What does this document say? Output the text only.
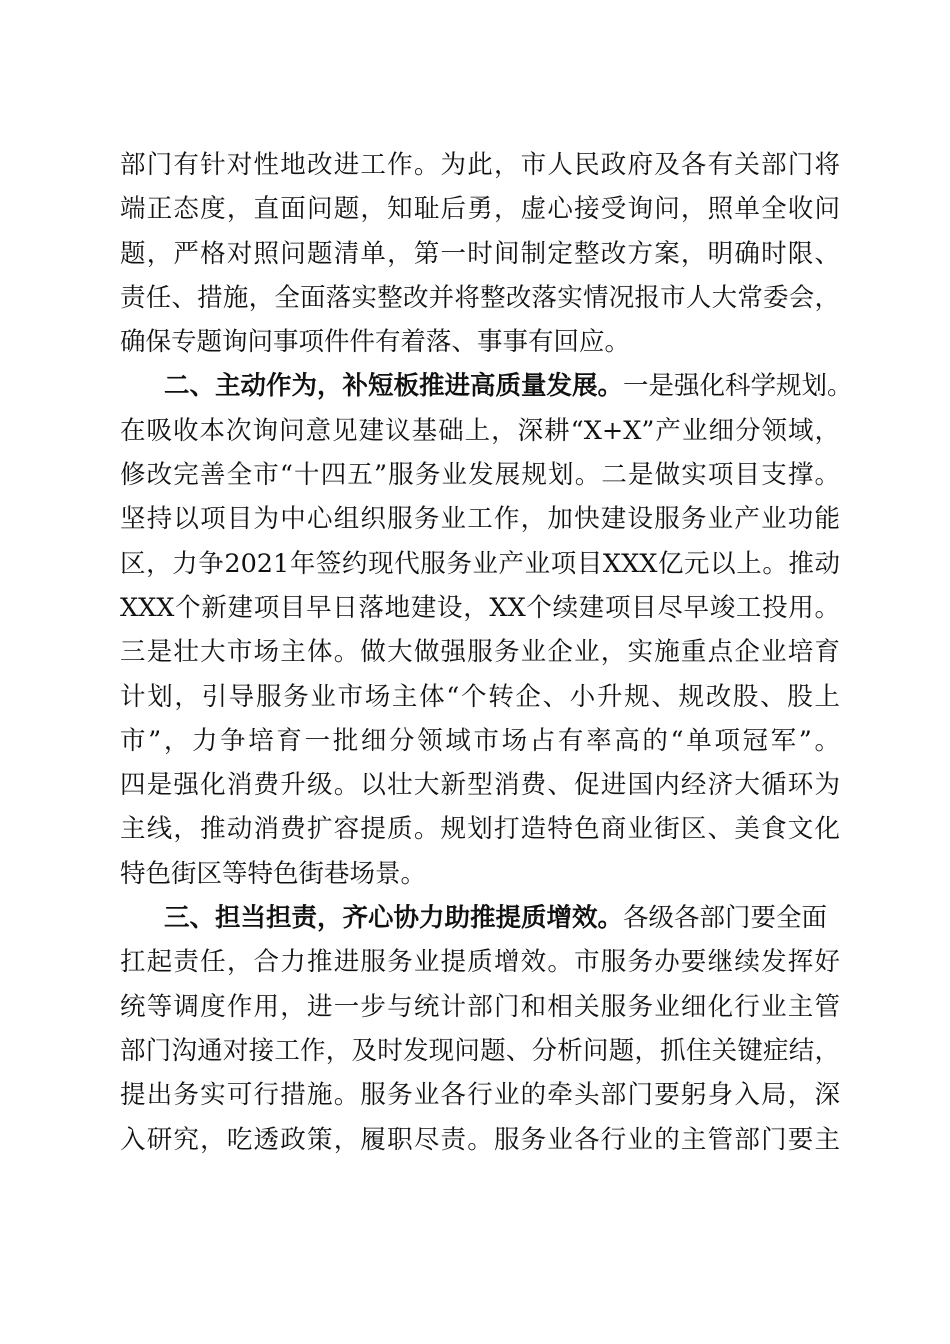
部门有针对性地改进工作。为此，市人民政府及各有关部门将
端正态度，直面问题，知耻后勇，虚心接受询问，照单全收问
题，严格对照问题清单，第一时间制定整改方案，明确时限、
责任、措施，全面落实整改并将整改落实情况报市人大常委会，
确保专题询问事项件件有着落、事事有回应。
二、主动作为，补短板推进高质量发展。一是强化科学规划。
在吸收本次询问意见建议基础上，深耕“X+X”产业细分领域，
修改完善全市“十四五”服务业发展规划。二是做实项目支撑。
坚持以项目为中心组织服务业工作，加快建设服务业产业功能
区，力争2021年签约现代服务业产业项目XXX亿元以上。推动
XXX个新建项目早日落地建设，XX个续建项目尽早竣工投用。
三是壮大市场主体。做大做强服务业企业，实施重点企业培育
计划，引导服务业市场主体“个转企、小升规、规改股、股上
市”，力争培育一批细分领域市场占有率高的“单项冠军”。
四是强化消费升级。以壮大新型消费、促进国内经济大循环为
主线，推动消费扩容提质。规划打造特色商业街区、美食文化
特色街区等特色街巷场景。
三、担当担责，齐心协力助推提质增效。各级各部门要全面
扛起责任，合力推进服务业提质增效。市服务办要继续发挥好
统等调度作用，进一步与统计部门和相关服务业细化行业主管
部门沟通对接工作，及时发现问题、分析问题，抓住关键症结，
提出务实可行措施。服务业各行业的牵头部门要躬身入局，深
入研究，吃透政策，履职尽责。服务业各行业的主管部门要主
